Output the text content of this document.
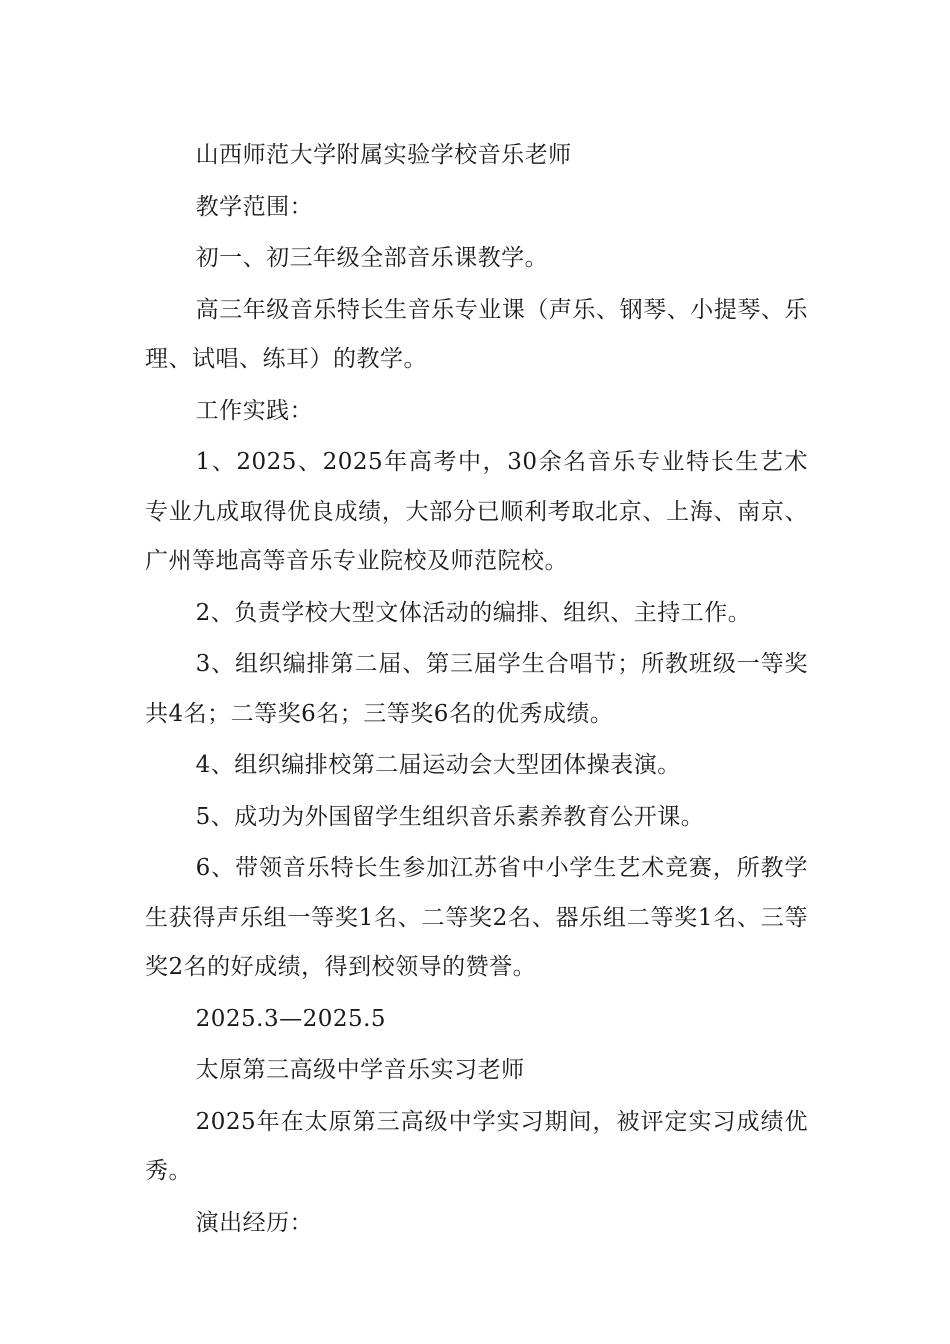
山西师范大学附属实验学校音乐老师

教学范围：

初一、初三年级全部音乐课教学。

高三年级音乐特长生音乐专业课（声乐、钢琴、小提琴、乐理、试唱、练耳）的教学。

工作实践：

1、2025、2025年高考中，30余名音乐专业特长生艺术专业九成取得优良成绩，大部分已顺利考取北京、上海、南京、广州等地高等音乐专业院校及师范院校。

2、负责学校大型文体活动的编排、组织、主持工作。

3、组织编排第二届、第三届学生合唱节；所教班级一等奖共4名；二等奖6名；三等奖6名的优秀成绩。

4、组织编排校第二届运动会大型团体操表演。

5、成功为外国留学生组织音乐素养教育公开课。

6、带领音乐特长生参加江苏省中小学生艺术竞赛，所教学生获得声乐组一等奖1名、二等奖2名、器乐组二等奖1名、三等奖2名的好成绩，得到校领导的赞誉。

2025.3—2025.5

太原第三高级中学音乐实习老师

2025年在太原第三高级中学实习期间，被评定实习成绩优秀。

演出经历：
